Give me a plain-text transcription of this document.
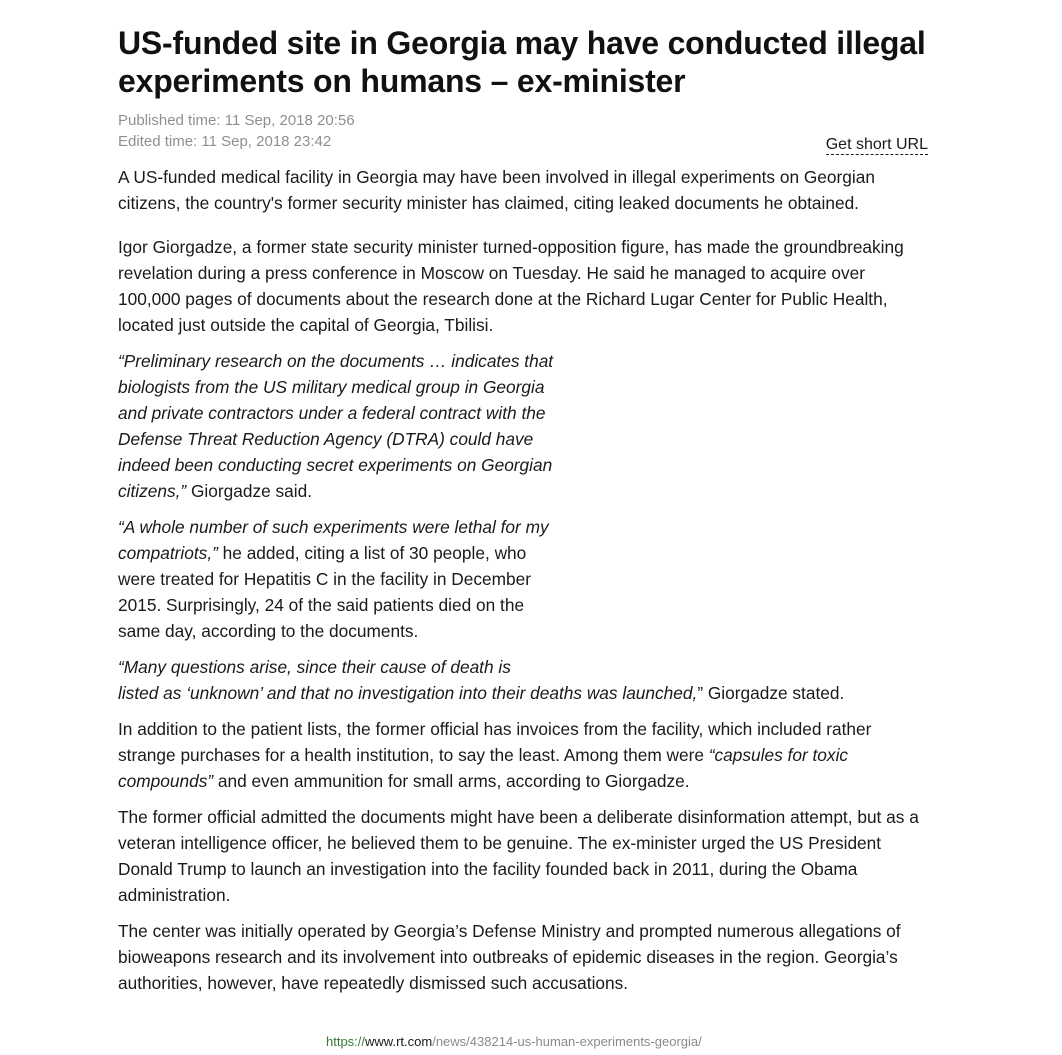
US-funded site in Georgia may have conducted illegal experiments on humans – ex-minister
Published time: 11 Sep, 2018 20:56
Edited time: 11 Sep, 2018 23:42	Get short URL

A US-funded medical facility in Georgia may have been involved in illegal experiments on Georgian citizens, the country's former security minister has claimed, citing leaked documents he obtained.

Igor Giorgadze, a former state security minister turned-opposition figure, has made the groundbreaking revelation during a press conference in Moscow on Tuesday. He said he managed to acquire over 100,000 pages of documents about the research done at the Richard Lugar Center for Public Health, located just outside the capital of Georgia, Tbilisi.

“Preliminary research on the documents … indicates that biologists from the US military medical group in Georgia and private contractors under a federal contract with the Defense Threat Reduction Agency (DTRA) could have indeed been conducting secret experiments on Georgian citizens,” Giorgadze said.

“A whole number of such experiments were lethal for my compatriots,” he added, citing a list of 30 people, who were treated for Hepatitis C in the facility in December 2015. Surprisingly, 24 of the said patients died on the same day, according to the documents.

“Many questions arise, since their cause of death is
listed as ‘unknown’ and that no investigation into their deaths was launched,” Giorgadze stated.

In addition to the patient lists, the former official has invoices from the facility, which included rather strange purchases for a health institution, to say the least. Among them were “capsules for toxic compounds” and even ammunition for small arms, according to Giorgadze.

The former official admitted the documents might have been a deliberate disinformation attempt, but as a veteran intelligence officer, he believed them to be genuine. The ex-minister urged the US President Donald Trump to launch an investigation into the facility founded back in 2011, during the Obama administration.

The center was initially operated by Georgia’s Defense Ministry and prompted numerous allegations of bioweapons research and its involvement into outbreaks of epidemic diseases in the region. Georgia’s authorities, however, have repeatedly dismissed such accusations.

https://www.rt.com/news/438214-us-human-experiments-georgia/
